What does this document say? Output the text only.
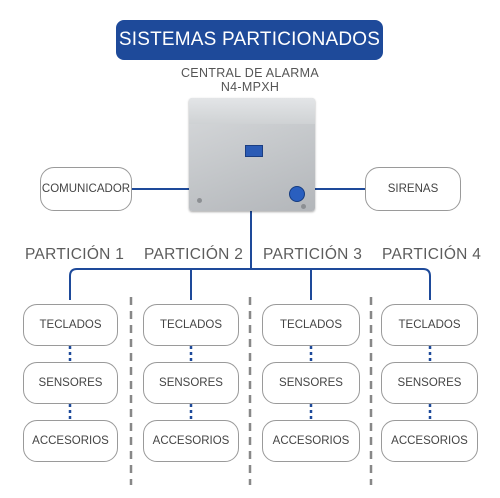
SISTEMAS PARTICIONADOS
CENTRAL DE ALARMA
N4-MPXH
COMUNICADOR	SIRENAS
PARTICIÓN 1 PARTICIÓN 2 PARTICIÓN 3 PARTICIÓN 4
TECLADOS
SENSORES
ACCESORIOS
TECLADOS
SENSORES
ACCESORIOS
TECLADOS
SENSORES
ACCESORIOS
TECLADOS
SENSORES
ACCESORIOS
